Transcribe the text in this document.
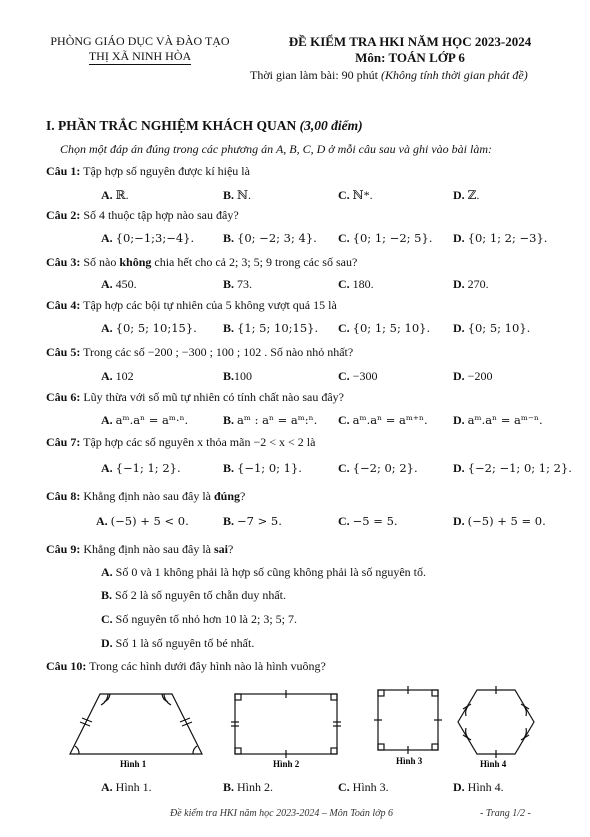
PHÒNG GIÁO DỤC VÀ ĐÀO TẠO
THỊ XÃ NINH HÒA
ĐỀ KIỂM TRA HKI NĂM HỌC 2023-2024
Môn: TOÁN LỚP 6
Thời gian làm bài: 90 phút (Không tính thời gian phát đề)
I. PHẦN TRẮC NGHIỆM KHÁCH QUAN (3,00 điểm)
Chọn một đáp án đúng trong các phương án A, B, C, D ở mỗi câu sau và ghi vào bài làm:
Câu 1: Tập hợp số nguyên được kí hiệu là
A. ℝ.	B. ℕ.	C. ℕ*.	D. ℤ.
Câu 2: Số 4 thuộc tập hợp nào sau đây?
A. {0;−1;3;−4}. B. {0; −2; 3; 4}. C. {0; 1; −2; 5}. D. {0; 1; 2; −3}.
Câu 3: Số nào không chia hết cho cả 2; 3; 5; 9 trong các số sau?
A. 450.	B. 73.	C. 180.	D. 270.
Câu 4: Tập hợp các bội tự nhiên của 5 không vượt quá 15 là
A. {0; 5; 10;15}. B. {1; 5; 10;15}. C. {0; 1; 5; 10}. D. {0; 5; 10}.
Câu 5: Trong các số −200 ; −300 ; 100 ; 102 . Số nào nhỏ nhất?
A. 102	B.100	C. −300	D. −200
Câu 6: Lũy thừa với số mũ tự nhiên có tính chất nào sau đây?
A. aᵐ.aⁿ = aᵐ·ⁿ.	B. aᵐ : aⁿ = aᵐ:ⁿ. C. aᵐ.aⁿ = aᵐ⁺ⁿ. D. aᵐ.aⁿ = aᵐ⁻ⁿ.
Câu 7: Tập hợp các số nguyên x thỏa mãn −2 < x < 2 là
A. {−1; 1; 2}.	B. {−1; 0; 1}.	C. {−2; 0; 2}.	D. {−2; −1; 0; 1; 2}.
Câu 8: Khẳng định nào sau đây là đúng?
A. (−5) + 5 < 0.	B. −7 > 5.	C. −5 = 5.	D. (−5) + 5 = 0.
Câu 9: Khẳng định nào sau đây là sai?
A. Số 0 và 1 không phải là hợp số cũng không phải là số nguyên tố.
B. Số 2 là số nguyên tố chẵn duy nhất.
C. Số nguyên tố nhỏ hơn 10 là 2; 3; 5; 7.
D. Số 1 là số nguyên tố bé nhất.
Câu 10: Trong các hình dưới đây hình nào là hình vuông?
Hình 1	Hình 2	Hình 3	Hình 4
A. Hình 1.	B. Hình 2.	C. Hình 3.	D. Hình 4.
Đề kiểm tra HKI năm học 2023-2024 – Môn Toán lớp 6	- Trang 1/2 -
